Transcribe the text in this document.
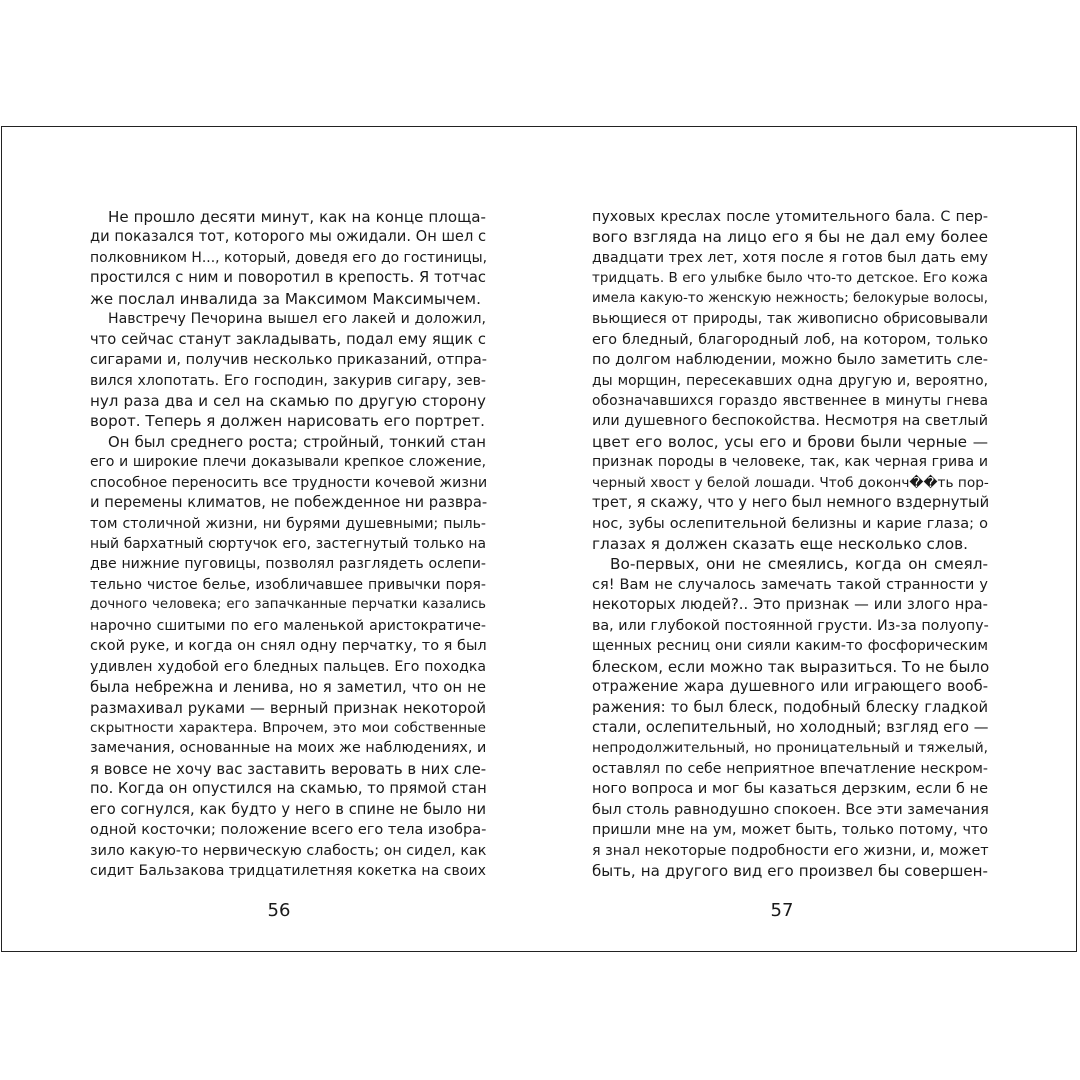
Не прошло десяти минут, как на конце площа-
ди показался тот, которого мы ожидали. Он шел с
полковником Н..., который, доведя его до гостиницы,
простился с ним и поворотил в крепость. Я тотчас
же послал инвалида за Максимом Максимычем.
Навстречу Печорина вышел его лакей и доложил,
что сейчас станут закладывать, подал ему ящик с
сигарами и, получив несколько приказаний, отпра-
вился хлопотать. Его господин, закурив сигару, зев-
нул раза два и сел на скамью по другую сторону
ворот. Теперь я должен нарисовать его портрет.
Он был среднего роста; стройный, тонкий стан
его и широкие плечи доказывали крепкое сложение,
способное переносить все трудности кочевой жизни
и перемены климатов, не побежденное ни развра-
том столичной жизни, ни бурями душевными; пыль-
ный бархатный сюртучок его, застегнутый только на
две нижние пуговицы, позволял разглядеть ослепи-
тельно чистое белье, изобличавшее привычки поря-
дочного человека; его запачканные перчатки казались
нарочно сшитыми по его маленькой аристократиче-
ской руке, и когда он снял одну перчатку, то я был
удивлен худобой его бледных пальцев. Его походка
была небрежна и ленива, но я заметил, что он не
размахивал руками — верный признак некоторой
скрытности характера. Впрочем, это мои собственные
замечания, основанные на моих же наблюдениях, и
я вовсе не хочу вас заставить веровать в них сле-
по. Когда он опустился на скамью, то прямой стан
его согнулся, как будто у него в спине не было ни
одной косточки; положение всего его тела изобра-
зило какую-то нервическую слабость; он сидел, как
сидит Бальзакова тридцатилетняя кокетка на своих
пуховых креслах после утомительного бала. С пер-
вого взгляда на лицо его я бы не дал ему более
двадцати трех лет, хотя после я готов был дать ему
тридцать. В его улыбке было что-то детское. Его кожа
имела какую-то женскую нежность; белокурые волосы,
вьющиеся от природы, так живописно обрисовывали
его бледный, благородный лоб, на котором, только
по долгом наблюдении, можно было заметить сле-
ды морщин, пересекавших одна другую и, вероятно,
обозначавшихся гораздо явственнее в минуты гнева
или душевного беспокойства. Несмотря на светлый
цвет его волос, усы его и брови были черные —
признак породы в человеке, так, как черная грива и
черный хвост у белой лошади. Чтоб доконч��ть пор-
трет, я скажу, что у него был немного вздернутый
нос, зубы ослепительной белизны и карие глаза; о
глазах я должен сказать еще несколько слов.
Во-первых, они не смеялись, когда он смеял-
ся! Вам не случалось замечать такой странности у
некоторых людей?.. Это признак — или злого нра-
ва, или глубокой постоянной грусти. Из-за полуопу-
щенных ресниц они сияли каким-то фосфорическим
блеском, если можно так выразиться. То не было
отражение жара душевного или играющего вооб-
ражения: то был блеск, подобный блеску гладкой
стали, ослепительный, но холодный; взгляд его —
непродолжительный, но проницательный и тяжелый,
оставлял по себе неприятное впечатление нескром-
ного вопроса и мог бы казаться дерзким, если б не
был столь равнодушно спокоен. Все эти замечания
пришли мне на ум, может быть, только потому, что
я знал некоторые подробности его жизни, и, может
быть, на другого вид его произвел бы совершен-
56	57
